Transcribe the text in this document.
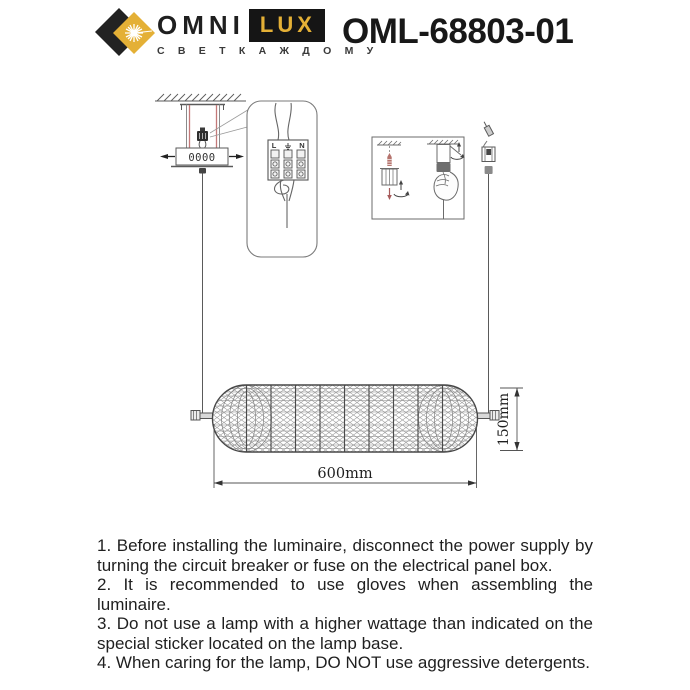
OMNI LUX
С В Е Т К А Ж Д О М У
OML-68803-01
0000
L	N
600mm
150mm

1. Before installing the luminaire, disconnect the power supply by turning the circuit breaker or fuse on the electrical panel box.

2. It is recommended to use gloves when assembling the luminaire.

3. Do not use a lamp with a higher wattage than indicated on the special sticker located on the lamp base.

4. When caring for the lamp, DO NOT use aggressive detergents.
